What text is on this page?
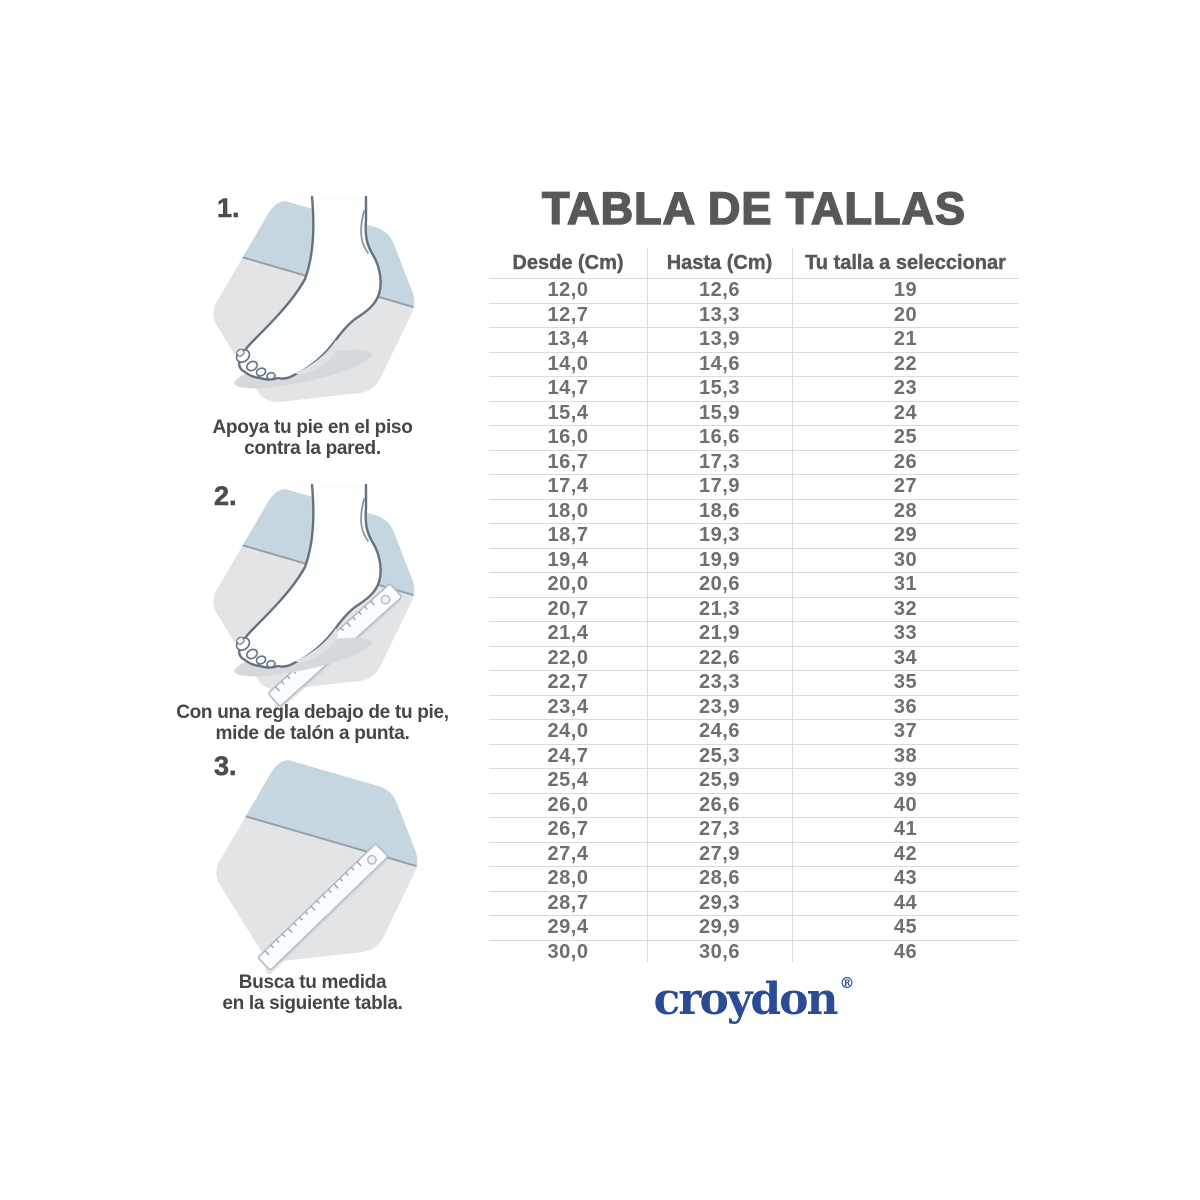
TABLA DE TALLAS
1.
Apoya tu pie en el piso
contra la pared.
2.
Con una regla debajo de tu pie,
mide de talón a punta.
3.
Busca tu medida
en la siguiente tabla.
Desde (Cm)	Hasta (Cm)	Tu talla a seleccionar
12,0	12,6	19
12,7	13,3	20
13,4	13,9	21
14,0	14,6	22
14,7	15,3	23
15,4	15,9	24
16,0	16,6	25
16,7	17,3	26
17,4	17,9	27
18,0	18,6	28
18,7	19,3	29
19,4	19,9	30
20,0	20,6	31
20,7	21,3	32
21,4	21,9	33
22,0	22,6	34
22,7	23,3	35
23,4	23,9	36
24,0	24,6	37
24,7	25,3	38
25,4	25,9	39
26,0	26,6	40
26,7	27,3	41
27,4	27,9	42
28,0	28,6	43
28,7	29,3	44
29,4	29,9	45
30,0	30,6	46
croydon ®
